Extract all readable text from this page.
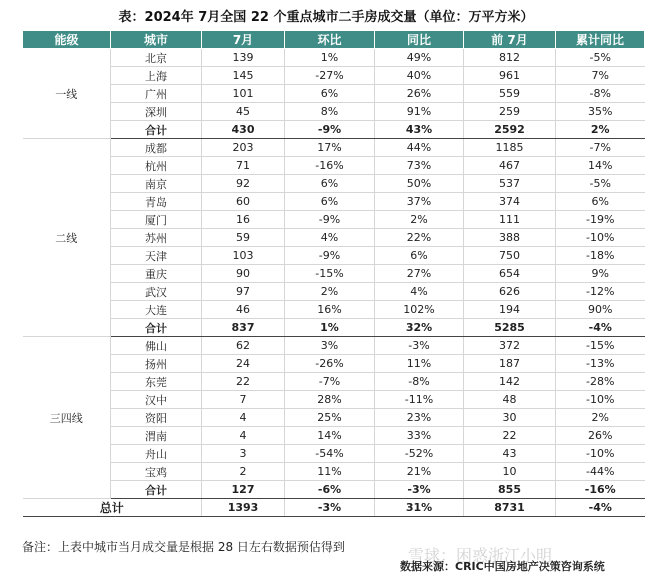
表：2024年 7月全国 22 个重点城市二手房成交量（单位：万平方米）
能级	城市	7月	环比	同比	前 7月	累计同比
一线	北京	139	1%	49%	812	-5%
	上海	145	-27%	40%	961	7%
	广州	101	6%	26%	559	-8%
	深圳	45	8%	91%	259	35%
	合计	430	-9%	43%	2592	2%
二线	成都	203	17%	44%	1185	-7%
	杭州	71	-16%	73%	467	14%
	南京	92	6%	50%	537	-5%
	青岛	60	6%	37%	374	6%
	厦门	16	-9%	2%	111	-19%
	苏州	59	4%	22%	388	-10%
	天津	103	-9%	6%	750	-18%
	重庆	90	-15%	27%	654	9%
	武汉	97	2%	4%	626	-12%
	大连	46	16%	102%	194	90%
	合计	837	1%	32%	5285	-4%
三四线	佛山	62	3%	-3%	372	-15%
	扬州	24	-26%	11%	187	-13%
	东莞	22	-7%	-8%	142	-28%
	汉中	7	28%	-11%	48	-10%
	资阳	4	25%	23%	30	2%
	渭南	4	14%	33%	22	26%
	舟山	3	-54%	-52%	43	-10%
	宝鸡	2	11%	21%	10	-44%
	合计	127	-6%	-3%	855	-16%
总计		1393	-3%	31%	8731	-4%
备注：上表中城市当月成交量是根据 28 日左右数据预估得到	雪球：困惑浙江小明
数据来源：CRIC中国房地产决策咨询系统
